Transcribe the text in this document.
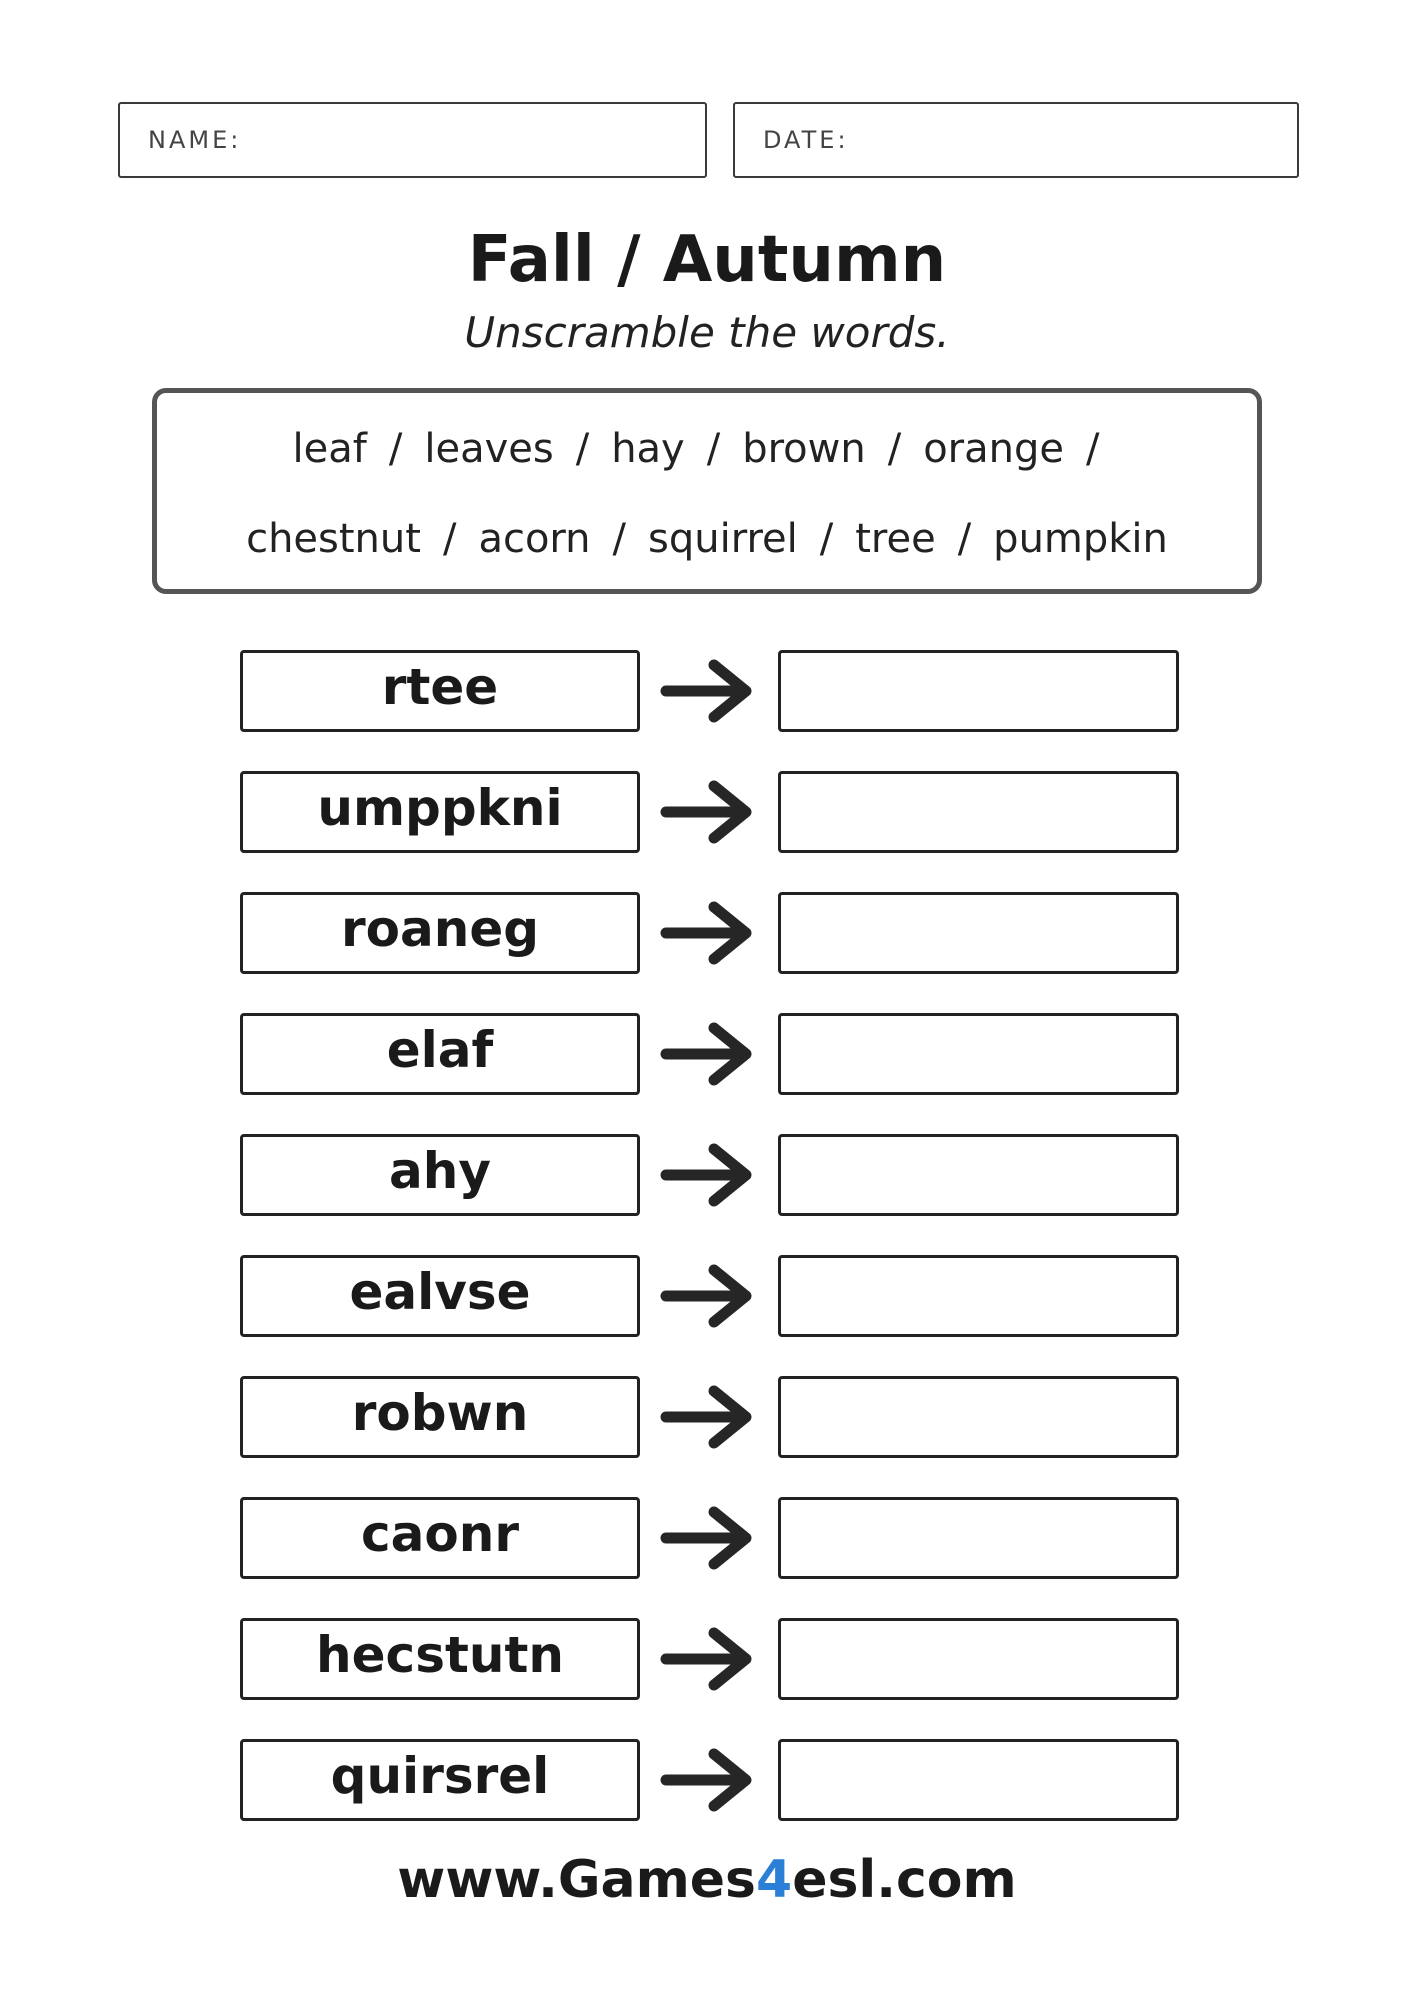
NAME:	DATE:
Fall / Autumn
Unscramble the words.
leaf / leaves / hay / brown / orange /
chestnut / acorn / squirrel / tree / pumpkin
rtee
umppkni
roaneg
elaf
ahy
ealvse
robwn
caonr
hecstutn
quirsrel
www.Games4esl.com
